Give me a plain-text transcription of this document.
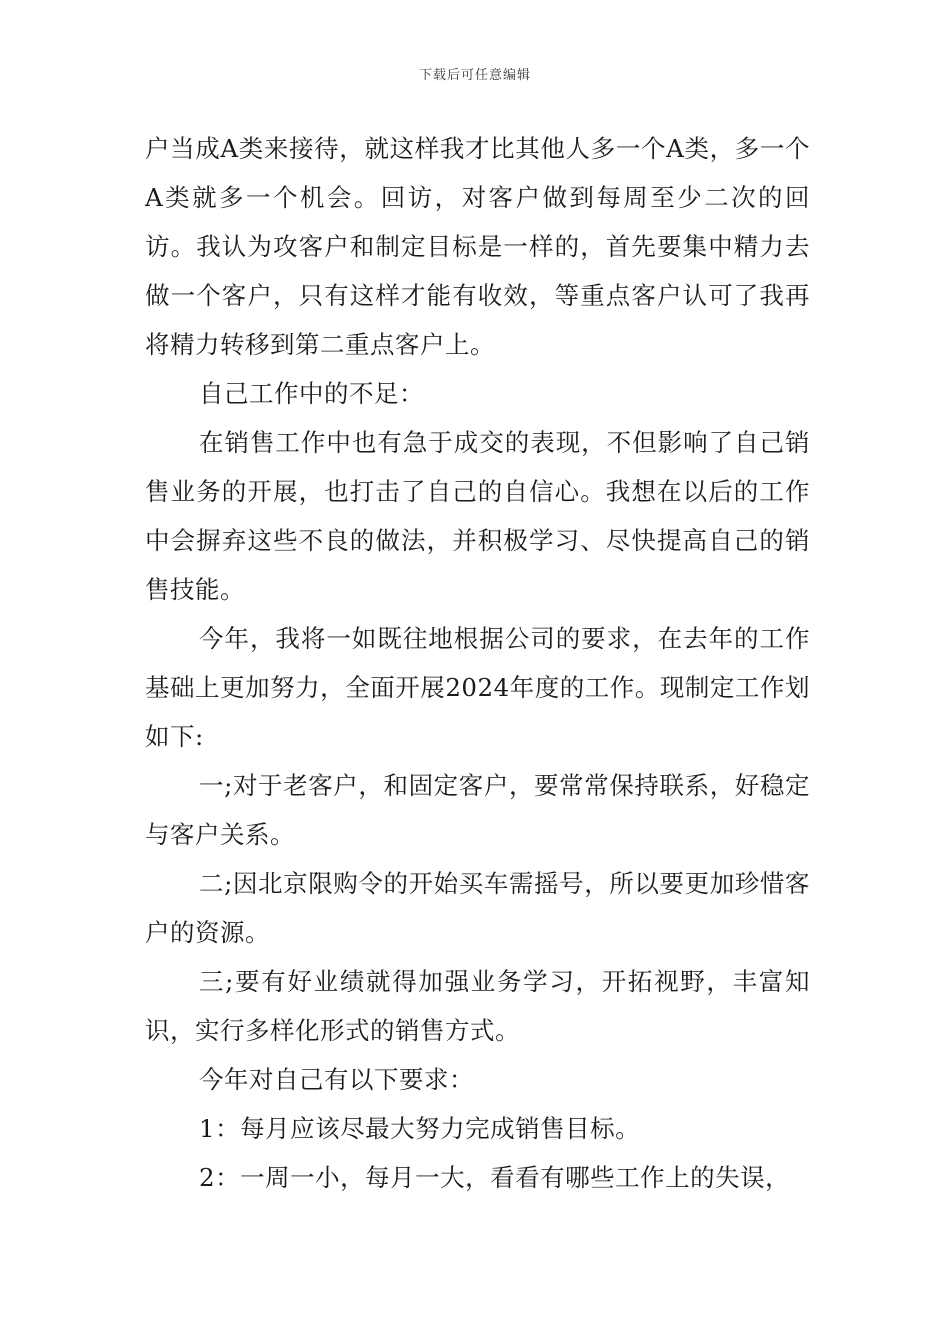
下载后可任意编辑

户当成A类来接待，就这样我才比其他人多一个A类，多一个A类就多一个机会。回访，对客户做到每周至少二次的回访。我认为攻客户和制定目标是一样的，首先要集中精力去做一个客户，只有这样才能有收效，等重点客户认可了我再将精力转移到第二重点客户上。

自己工作中的不足：

在销售工作中也有急于成交的表现，不但影响了自己销售业务的开展，也打击了自己的自信心。我想在以后的工作中会摒弃这些不良的做法，并积极学习、尽快提高自己的销售技能。

今年，我将一如既往地根据公司的要求，在去年的工作基础上更加努力，全面开展2024年度的工作。现制定工作划如下:

一;对于老客户，和固定客户，要常常保持联系，好稳定与客户关系。

二;因北京限购令的开始买车需摇号，所以要更加珍惜客户的资源。

三;要有好业绩就得加强业务学习，开拓视野，丰富知识，实行多样化形式的销售方式。

今年对自己有以下要求：

1：每月应该尽最大努力完成销售目标。

2：一周一小，每月一大，看看有哪些工作上的失误，
